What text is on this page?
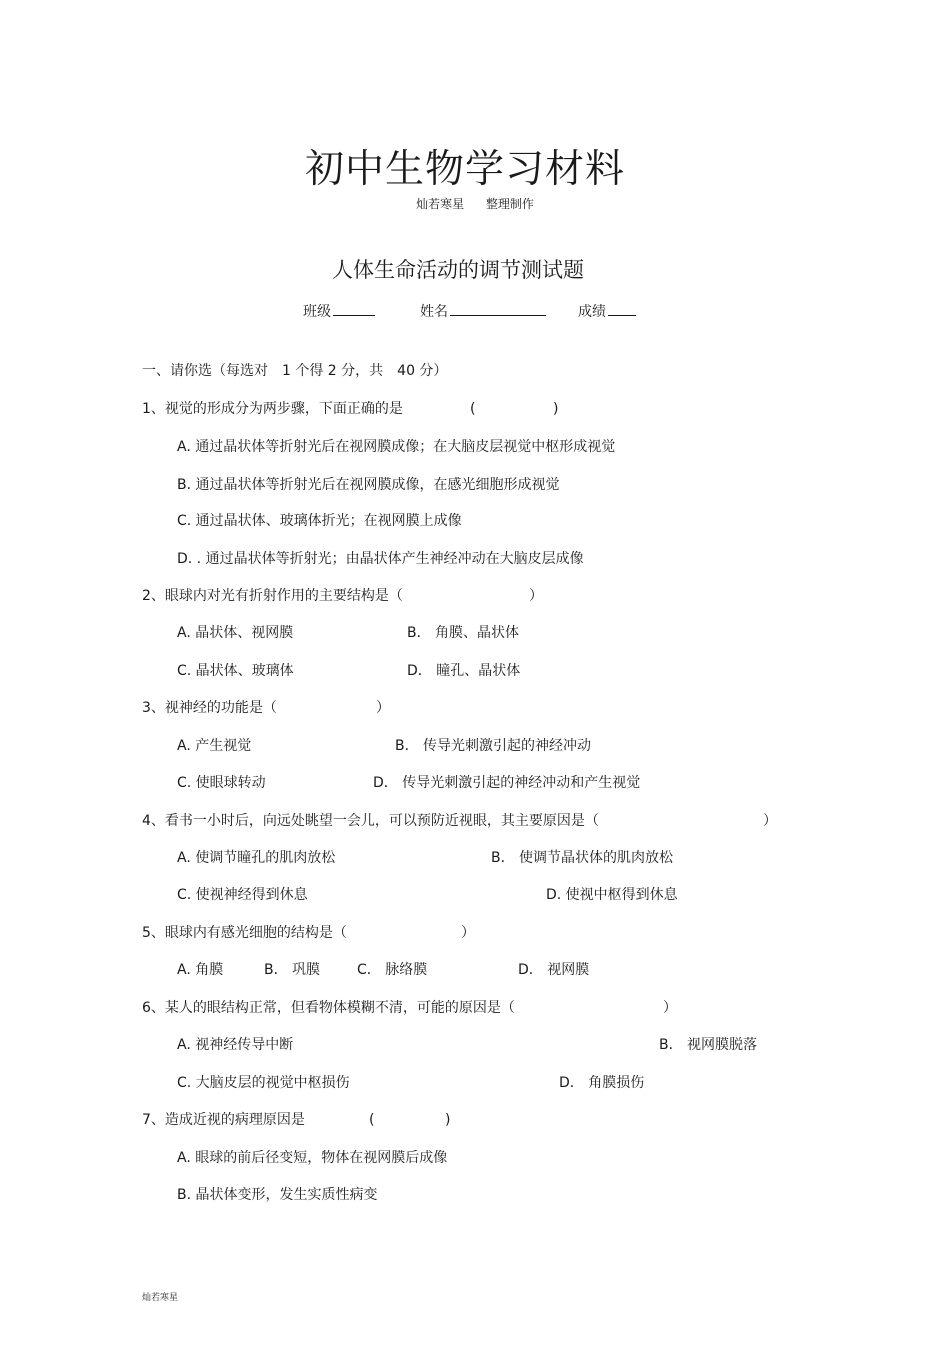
初中生物学习材料
灿若寒星 整理制作
人体生命活动的调节测试题
班级	姓名	成绩
一、请你选（每选对　1 个得 2 分，共　40 分）
1、视觉的形成分为两步骤，下面正确的是	(	)
A. 通过晶状体等折射光后在视网膜成像；在大脑皮层视觉中枢形成视觉
B. 通过晶状体等折射光后在视网膜成像，在感光细胞形成视觉
C. 通过晶状体、玻璃体折光；在视网膜上成像
D. . 通过晶状体等折射光；由晶状体产生神经冲动在大脑皮层成像
2、眼球内对光有折射作用的主要结构是（	）
A. 晶状体、视网膜	B． 角膜、晶状体
C. 晶状体、玻璃体	D． 瞳孔、晶状体
3、视神经的功能是（	）
A. 产生视觉	B． 传导光刺激引起的神经冲动
C. 使眼球转动	D． 传导光刺激引起的神经冲动和产生视觉
4、看书一小时后，向远处眺望一会儿，可以预防近视眼，其主要原因是（	）
A. 使调节瞳孔的肌肉放松	B． 使调节晶状体的肌肉放松
C. 使视神经得到休息	D. 使视中枢得到休息
5、眼球内有感光细胞的结构是（	）
A. 角膜	B． 巩膜	C． 脉络膜	D． 视网膜
6、某人的眼结构正常，但看物体模糊不清，可能的原因是（	）
A. 视神经传导中断	B． 视网膜脱落
C. 大脑皮层的视觉中枢损伤	D． 角膜损伤
7、造成近视的病理原因是	(	)
A. 眼球的前后径变短，物体在视网膜后成像
B. 晶状体变形，发生实质性病变
灿若寒星
